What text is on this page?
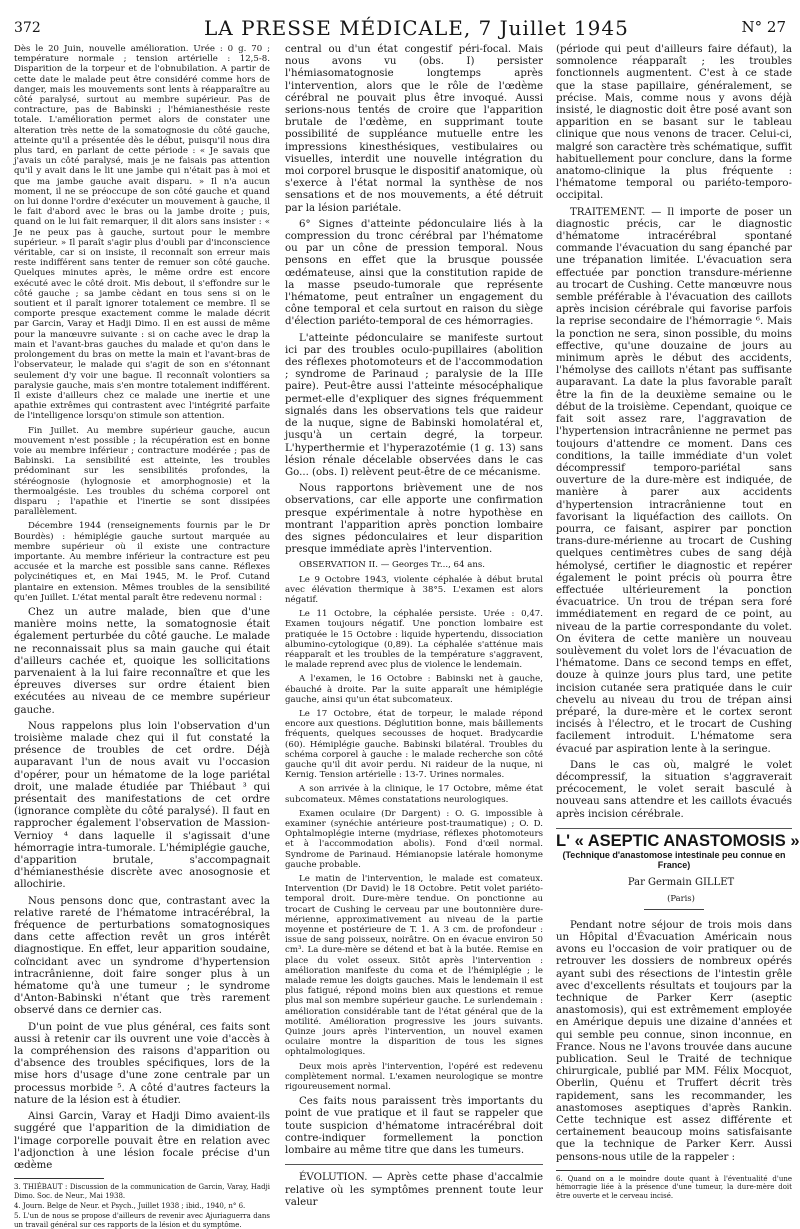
372	LA PRESSE MÉDICALE, 7 Juillet 1945	N° 27

Dès le 20 Juin, nouvelle amélioration. Urée : 0 g. 70 ; température normale ; tension artérielle : 12,5-8. Disparition de la torpeur et de l'obnubilation. A partir de cette date le malade peut être considéré comme hors de danger, mais les mouvements sont lents à réapparaître au côté paralysé, surtout au membre supérieur. Pas de contracture, pas de Babinski ; l'hémianesthésie reste totale. L'amélioration permet alors de constater une alteration très nette de la somatognosie du côté gauche, atteinte qu'il a présentée dès le début, puisqu'il nous dira plus tard, en parlant de cette période : « Je savais que j'avais un côté paralysé, mais je ne faisais pas attention qu'il y avait dans le lit une jambe qui n'était pas à moi et que ma jambe gauche avait disparu. » Il n'a aucun moment, il ne se préoccupe de son côté gauche et quand on lui donne l'ordre d'exécuter un mouvement à gauche, il le fait d'abord avec le bras ou la jambe droite ; puis, quand on le lui fait remarquer, il dit alors sans insister : « Je ne peux pas à gauche, surtout pour le membre supérieur. » Il paraît s'agir plus d'oubli par d'inconscience véritable, car si on insiste, il reconnaît son erreur mais reste indifférent sans tenter de remuer son côté gauche. Quelques minutes après, le même ordre est encore exécuté avec le côté droit. Mis debout, il s'effondre sur le côté gauche ; sa jambe cèdant en tous sens si on le soutient et il paraît ignorer totalement ce membre. Il se comporte presque exactement comme le malade décrit par Garcin, Varay et Hadji Dimo. Il en est aussi de même pour la manœuvre suivante : si on cache avec le drap la main et l'avant-bras gauches du malade et qu'on dans le prolongement du bras on mette la main et l'avant-bras de l'observateur, le malade qui s'agit de son en s'étonnant seulement d'y voir une bague. Il reconnaît volontiers sa paralysie gauche, mais s'en montre totalement indifférent. Il existe d'ailleurs chez ce malade une inertie et une apathie extrêmes qui contrastent avec l'intégrité parfaite de l'intelligence lorsqu'on stimule son attention.

Fin Juillet. Au membre supérieur gauche, aucun mouvement n'est possible ; la récupération est en bonne voie au membre inférieur ; contracture modérée ; pas de Babinski. La sensibilité est atteinte, les troubles prédominant sur les sensibilités profondes, la stéréognosie (hylognosie et amorphognosie) et la thermoalgésie. Les troubles du schéma corporel ont disparu ; l'apathie et l'inertie se sont dissipées parallèlement.

Décembre 1944 (renseignements fournis par le Dr Bourdès) : hémiplégie gauche surtout marquée au membre supérieur où il existe une contracture importante. Au membre inférieur la contracture est peu accusée et la marche est possible sans canne. Réflexes polycinétiques et, en Mai 1945, M. le Prof. Cutand plantaire en extension. Mêmes troubles de la sensibilité qu'en Juillet. L'état mental paraît être redevenu normal :

Chez un autre malade, bien que d'une manière moins nette, la somatognosie était également perturbée du côté gauche. Le malade ne reconnaissait plus sa main gauche qui était d'ailleurs cachée et, quoique les sollicitations parvenaient à la lui faire reconnaître et que les épreuves diverses sur ordre étaient bien exécutées au niveau de ce membre supérieur gauche.

Nous rappelons plus loin l'observation d'un troisième malade chez qui il fut constaté la présence de troubles de cet ordre. Déjà auparavant l'un de nous avait vu l'occasion d'opérer, pour un hématome de la loge pariétal droit, une malade étudiée par Thiébaut ³ qui présentait des manifestations de cet ordre (ignorance complète du côté paralysé). Il faut en rapprocher également l'observation de Massion-Vernioy ⁴ dans laquelle il s'agissait d'une hémorragie intra-tumorale. L'hémiplégie gauche, d'apparition brutale, s'accompagnait d'hémianesthésie discrète avec anosognosie et allochirie.

Nous pensons donc que, contrastant avec la relative rareté de l'hématome intracérébral, la fréquence de perturbations somatognosiques dans cette affection revêt un gros intérêt diagnostique. En effet, leur apparition soudaine, coïncidant avec un syndrome d'hypertension intracrânienne, doit faire songer plus à un hématome qu'à une tumeur ; le syndrome d'Anton-Babinski n'étant que très rarement observé dans ce dernier cas.

D'un point de vue plus général, ces faits sont aussi à retenir car ils ouvrent une voie d'accès à la compréhension des raisons d'apparition ou d'absence des troubles spécifiques, lors de la mise hors d'usage d'une zone centrale par un processus morbide ⁵. A côté d'autres facteurs la nature de la lésion est à étudier.

Ainsi Garcin, Varay et Hadji Dimo avaient-ils suggéré que l'apparition de la dimidiation de l'image corporelle pouvait être en relation avec l'adjonction à une lésion focale précise d'un œdème

3. THIÉBAUT : Discussion de la communication de Garcin, Varay, Hadji Dimo. Soc. de Neur., Mai 1938.

4. Journ. Belge de Neur. et Psych., Juillet 1938 ; ibid., 1940, n° 6.

5. L'un de nous se propose d'ailleurs de revenir avec Ajuriaguerra dans un travail général sur ces rapports de la lésion et du symptôme.

central ou d'un état congestif péri-focal. Mais nous avons vu (obs. I) persister l'hémiasomatognosie longtemps après l'intervention, alors que le rôle de l'œdème cérébral ne pouvait plus être invoqué. Aussi serions-nous tentés de croire que l'apparition brutale de l'œdème, en supprimant toute possibilité de suppléance mutuelle entre les impressions kinesthésiques, vestibulaires ou visuelles, interdit une nouvelle intégration du moi corporel brusque le dispositif anatomique, où s'exerce à l'état normal la synthèse de nos sensations et de nos mouvements, a été détruit par la lésion pariétale.

6° Signes d'atteinte pédonculaire liés à la compression du tronc cérébral par l'hématome ou par un cône de pression temporal. Nous pensons en effet que la brusque poussée œdémateuse, ainsi que la constitution rapide de la masse pseudo-tumorale que représente l'hématome, peut entraîner un engagement du cône temporal et cela surtout en raison du siège d'élection pariéto-temporal de ces hémorragies.

L'atteinte pédonculaire se manifeste surtout ici par des troubles oculo-pupillaires (abolition des réflexes photomoteurs et de l'accommodation ; syndrome de Parinaud ; paralysie de la IIIe paire). Peut-être aussi l'atteinte mésocéphalique permet-elle d'expliquer des signes fréquemment signalés dans les observations tels que raideur de la nuque, signe de Babinski homolatéral et, jusqu'à un certain degré, la torpeur. L'hyperthermie et l'hyperazotémie (1 g. 13) sans lésion rénale décelable observées dans le cas Go... (obs. I) relèvent peut-être de ce mécanisme.

Nous rapportons brièvement une de nos observations, car elle apporte une confirmation presque expérimentale à notre hypothèse en montrant l'apparition après ponction lombaire des signes pédonculaires et leur disparition presque immédiate après l'intervention.

OBSERVATION II. — Georges Tr..., 64 ans.

Le 9 Octobre 1943, violente céphalée à début brutal avec élévation thermique à 38°5. L'examen est alors négatif.

Le 11 Octobre, la céphalée persiste. Urée : 0,47. Examen toujours négatif. Une ponction lombaire est pratiquée le 15 Octobre : liquide hypertendu, dissociation albumino-cytologique (0,89). La céphalée s'atténue mais réapparaît et les troubles de la température s'aggravent, le malade reprend avec plus de violence le lendemain.

A l'examen, le 16 Octobre : Babinski net à gauche, ébauché à droite. Par la suite apparaît une hémiplégie gauche, ainsi qu'un état subcomateux.

Le 17 Octobre, état de torpeur, le malade répond encore aux questions. Déglutition bonne, mais bâillements fréquents, quelques secousses de hoquet. Bradycardie (60). Hémiplégie gauche. Babinski bilatéral. Troubles du schéma corporel à gauche : le malade recherche son côté gauche qu'il dit avoir perdu. Ni raideur de la nuque, ni Kernig. Tension artérielle : 13-7. Urines normales.

A son arrivée à la clinique, le 17 Octobre, même état subcomateux. Mêmes constatations neurologiques.

Examen oculaire (Dr Dargent) : O. G. impossible à examiner (synéchie antérieure post-traumatique) ; O. D. Ophtalmoplégie interne (mydriase, réflexes photomoteurs et à l'accommodation abolis). Fond d'œil normal. Syndrome de Parinaud. Hémianopsie latérale homonyme gauche probable.

Le matin de l'intervention, le malade est comateux. Intervention (Dr David) le 18 Octobre. Petit volet pariéto-temporal droit. Dure-mère tendue. On ponctionne au trocart de Cushing le cerveau par une boutonnière dure-mérienne, approximativement au niveau de la partie moyenne et postérieure de T. 1. A 3 cm. de profondeur : issue de sang poisseux, noirâtre. On en évacue environ 50 cm³. La dure-mère se détend et bat à la butée. Remise en place du volet osseux. Sitôt après l'intervention : amélioration manifeste du coma et de l'hémiplégie ; le malade remue les doigts gauches. Mais le lendemain il est plus fatigué, répond moins bien aux questions et remue plus mal son membre supérieur gauche. Le surlendemain : amélioration considérable tant de l'état général que de la motilité. Amélioration progressive les jours suivants. Quinze jours après l'intervention, un nouvel examen oculaire montre la disparition de tous les signes ophtalmologiques.

Deux mois après l'intervention, l'opéré est redevenu complètement normal. L'examen neurologique se montre rigoureusement normal.

Ces faits nous paraissent très importants du point de vue pratique et il faut se rappeler que toute suspicion d'hématome intracérébral doit contre-indiquer formellement la ponction lombaire au même titre que dans les tumeurs.

ÉVOLUTION. — Après cette phase d'accalmie relative où les symptômes prennent toute leur valeur

(période qui peut d'ailleurs faire défaut), la somnolence réapparaît ; les troubles fonctionnels augmentent. C'est à ce stade que la stase papillaire, généralement, se précise. Mais, comme nous y avons déjà insisté, le diagnostic doit être posé avant son apparition en se basant sur le tableau clinique que nous venons de tracer. Celui-ci, malgré son caractère très schématique, suffit habituellement pour conclure, dans la forme anatomo-clinique la plus fréquente : l'hématome temporal ou pariéto-temporo-occipital.

TRAITEMENT. — Il importe de poser un diagnostic précis, car le diagnostic d'hématome intracérébral spontané commande l'évacuation du sang épanché par une trépanation limitée. L'évacuation sera effectuée par ponction transdure-mérienne au trocart de Cushing. Cette manœuvre nous semble préférable à l'évacuation des caillots après incision cérébrale qui favorise parfois la reprise secondaire de l'hémorragie ⁶. Mais la ponction ne sera, sinon possible, du moins effective, qu'une douzaine de jours au minimum après le début des accidents, l'hémolyse des caillots n'étant pas suffisante auparavant. La date la plus favorable paraît être la fin de la deuxième semaine ou le début de la troisième. Cependant, quoique ce fait soit assez rare, l'aggravation de l'hypertension intracrânienne ne permet pas toujours d'attendre ce moment. Dans ces conditions, la taille immédiate d'un volet décompressif temporo-pariétal sans ouverture de la dure-mère est indiquée, de manière à parer aux accidents d'hypertension intracrânienne tout en favorisant la liquéfaction des caillots. On pourra, ce faisant, aspirer par ponction trans-dure-mérienne au trocart de Cushing quelques centimètres cubes de sang déjà hémolysé, certifier le diagnostic et repérer également le point précis où pourra être effectuée ultérieurement la ponction évacuatrice. Un trou de trépan sera foré immédiatement en regard de ce point, au niveau de la partie correspondante du volet. On évitera de cette manière un nouveau soulèvement du volet lors de l'évacuation de l'hématome. Dans ce second temps en effet, douze à quinze jours plus tard, une petite incision cutanée sera pratiquée dans le cuir chevelu au niveau du trou de trépan ainsi préparé, la dure-mère et le cortex seront incisés à l'électro, et le trocart de Cushing facilement introduit. L'hématome sera évacué par aspiration lente à la seringue.

Dans le cas où, malgré le volet décompressif, la situation s'aggraverait précocement, le volet serait basculé à nouveau sans attendre et les caillots évacués après incision cérébrale.

L' « ASEPTIC ANASTOMOSIS »

(Technique d'anastomose intestinale peu connue en France)

Par Germain GILLET

(Paris)

Pendant notre séjour de trois mois dans un Hôpital d'Évacuation Américain nous avons eu l'occasion de voir pratiquer ou de retrouver les dossiers de nombreux opérés ayant subi des résections de l'intestin grêle avec d'excellents résultats et toujours par la technique de Parker Kerr (aseptic anastomosis), qui est extrêmement employée en Amérique depuis une dizaine d'années et qui semble peu connue, sinon inconnue, en France. Nous ne l'avons trouvée dans aucune publication. Seul le Traité de technique chirurgicale, publié par MM. Félix Mocquot, Oberlin, Quénu et Truffert décrit très rapidement, sans les recommander, les anastomoses aseptiques d'après Rankin. Cette technique est assez différente et certainement beaucoup moins satisfaisante que la technique de Parker Kerr. Aussi pensons-nous utile de la rappeler :

6. Quand on a le moindre doute quant à l'éventualité d'une hémorragie liée à la présence d'une tumeur, la dure-mère doit être ouverte et le cerveau incisé.
